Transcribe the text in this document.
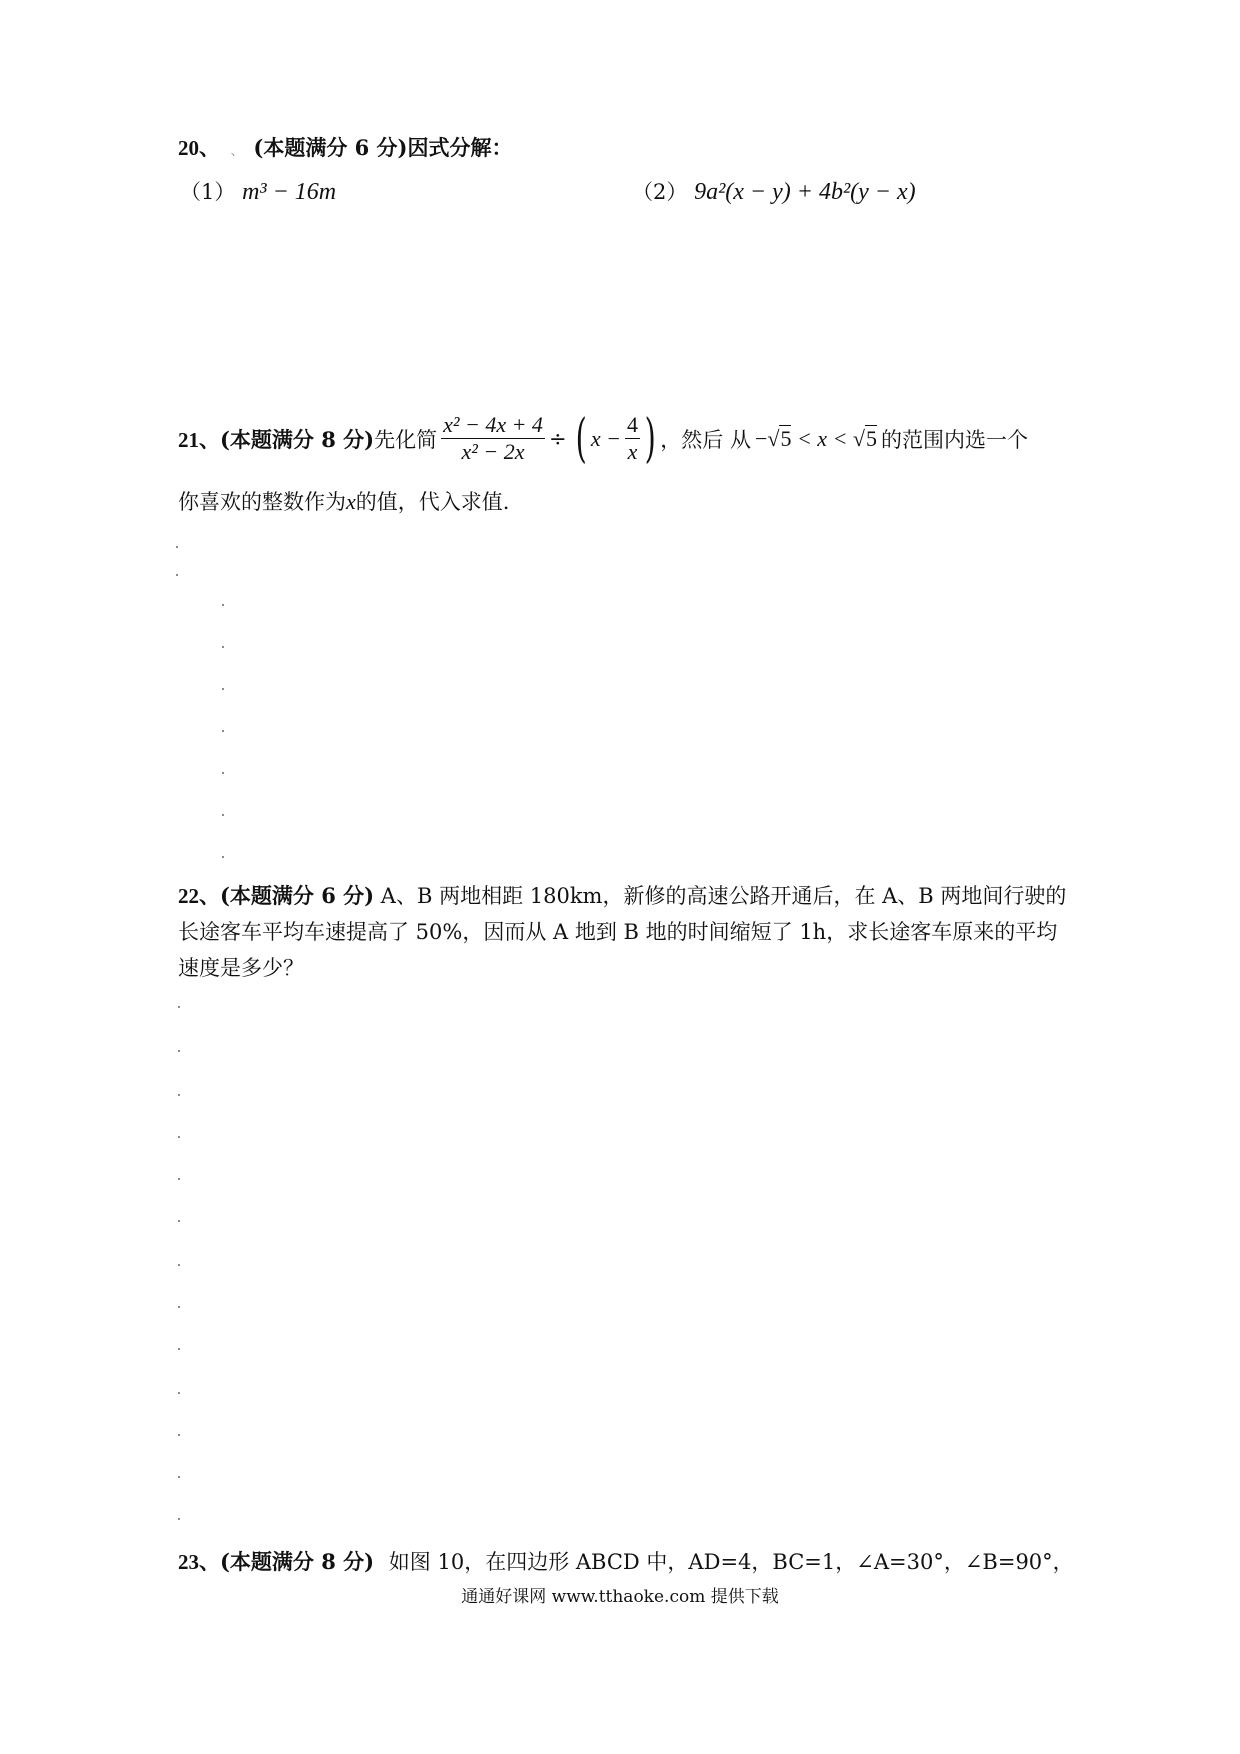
20、 、 (本题满分 6 分)因式分解：
（1） m³ − 16m	（2） 9a²(x − y) + 4b²(y − x)
21、 (本题满分 8 分) 先化简 $\frac{\text{x² − 4x + 4}}{\text{x² − 2x}}$ ÷ ( $x - \frac{4}{x}$ ) ，然后 从 −√5 < x < √5 的范围内选一个
你喜欢的整数作为x的值，代入求值.
22、(本题满分 6 分) A、B 两地相距 180km，新修的高速公路开通后，在 A、B 两地间行驶的
长途客车平均车速提高了 50%，因而从 A 地到 B 地的时间缩短了 1h，求长途客车原来的平均
速度是多少？
23、(本题满分 8 分) 如图 10，在四边形 ABCD 中，AD=4，BC=1，∠A=30°，∠B=90°，
通通好课网 www.tthaoke.com 提供下载
